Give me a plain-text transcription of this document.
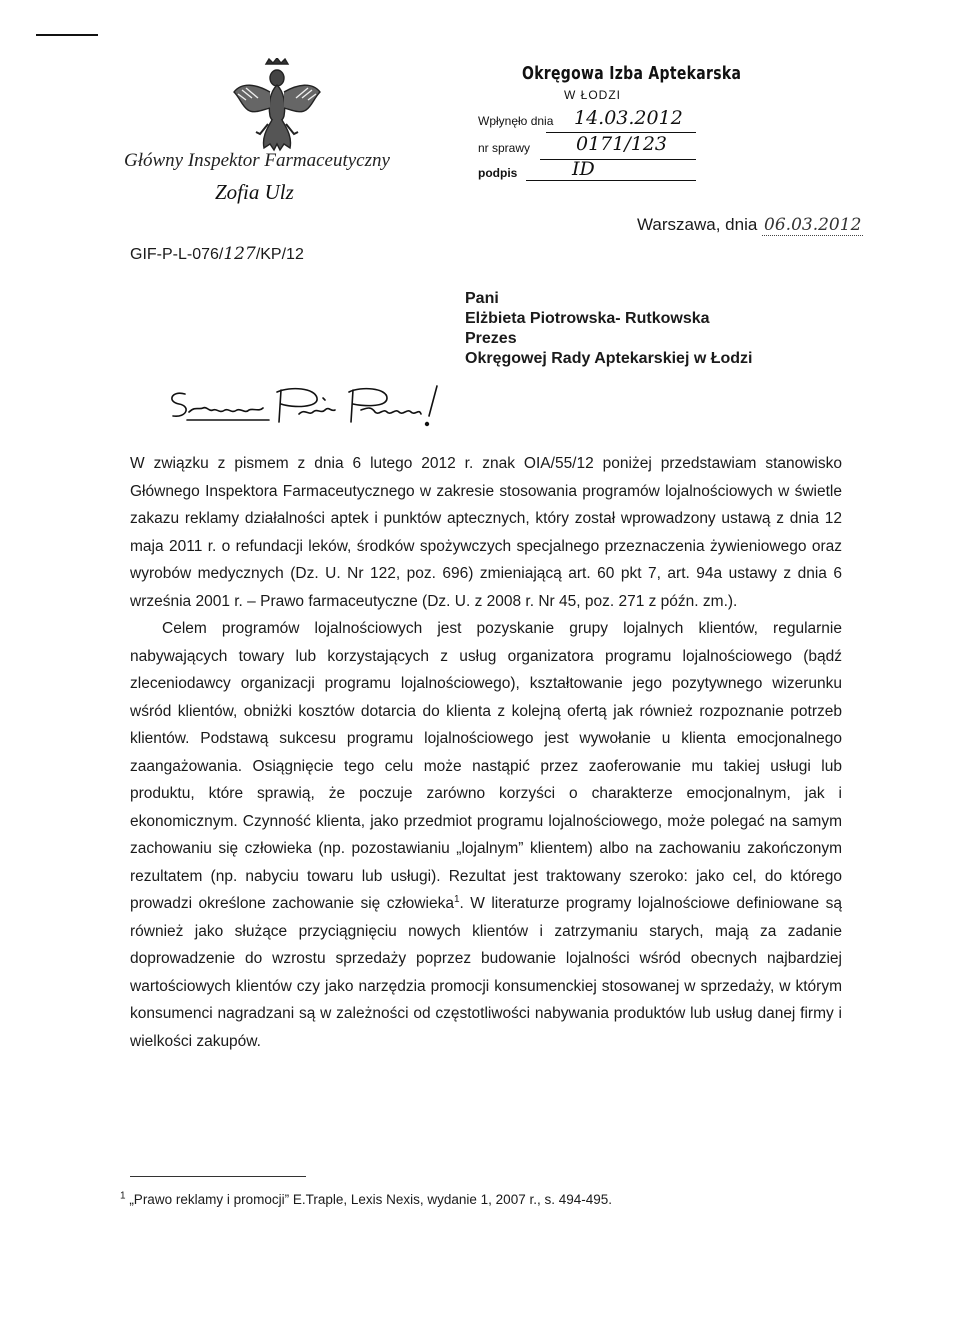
Główny Inspektor Farmaceutyczny
Zofia Ulz
Okręgowa Izba Aptekarska
W ŁODZI
Wpłynęło dnia 14.03.2012
nr sprawy	0171/123
podpis	ID
Warszawa, dnia 06.03.2012
GIF-P-L-076/127/KP/12
Pani
Elżbieta Piotrowska- Rutkowska
Prezes
Okręgowej Rady Aptekarskiej w Łodzi

W związku z pismem z dnia 6 lutego 2012 r. znak OIA/55/12 poniżej przedstawiam stanowisko Głównego Inspektora Farmaceutycznego w zakresie stosowania programów lojalnościowych w świetle zakazu reklamy działalności aptek i punktów aptecznych, który został wprowadzony ustawą z dnia 12 maja 2011 r. o refundacji leków, środków spożywczych specjalnego przeznaczenia żywieniowego oraz wyrobów medycznych (Dz. U. Nr 122, poz. 696) zmieniającą art. 60 pkt 7, art. 94a ustawy z dnia 6 września 2001 r. – Prawo farmaceutyczne (Dz. U. z 2008 r. Nr 45, poz. 271 z późn. zm.).

Celem programów lojalnościowych jest pozyskanie grupy lojalnych klientów, regularnie nabywających towary lub korzystających z usług organizatora programu lojalnościowego (bądź zleceniodawcy organizacji programu lojalnościowego), kształtowanie jego pozytywnego wizerunku wśród klientów, obniżki kosztów dotarcia do klienta z kolejną ofertą jak również rozpoznanie potrzeb klientów. Podstawą sukcesu programu lojalnościowego jest wywołanie u klienta emocjonalnego zaangażowania. Osiągnięcie tego celu może nastąpić przez zaoferowanie mu takiej usługi lub produktu, które sprawią, że poczuje zarówno korzyści o charakterze emocjonalnym, jak i ekonomicznym. Czynność klienta, jako przedmiot programu lojalnościowego, może polegać na samym zachowaniu się człowieka (np. pozostawianiu „lojalnym” klientem) albo na zachowaniu zakończonym rezultatem (np. nabyciu towaru lub usługi). Rezultat jest traktowany szeroko: jako cel, do którego prowadzi określone zachowanie się człowieka$^1$. W literaturze programy lojalnościowe definiowane są również jako służące przyciągnięciu nowych klientów i zatrzymaniu starych, mają za zadanie doprowadzenie do wzrostu sprzedaży poprzez budowanie lojalności wśród obecnych najbardziej wartościowych klientów czy jako narzędzia promocji konsumenckiej stosowanej w sprzedaży, w którym konsumenci nagradzani są w zależności od częstotliwości nabywania produktów lub usług danej firmy i wielkości zakupów.

$^1$ „Prawo reklamy i promocji” E.Traple, Lexis Nexis, wydanie 1, 2007 r., s. 494-495.
